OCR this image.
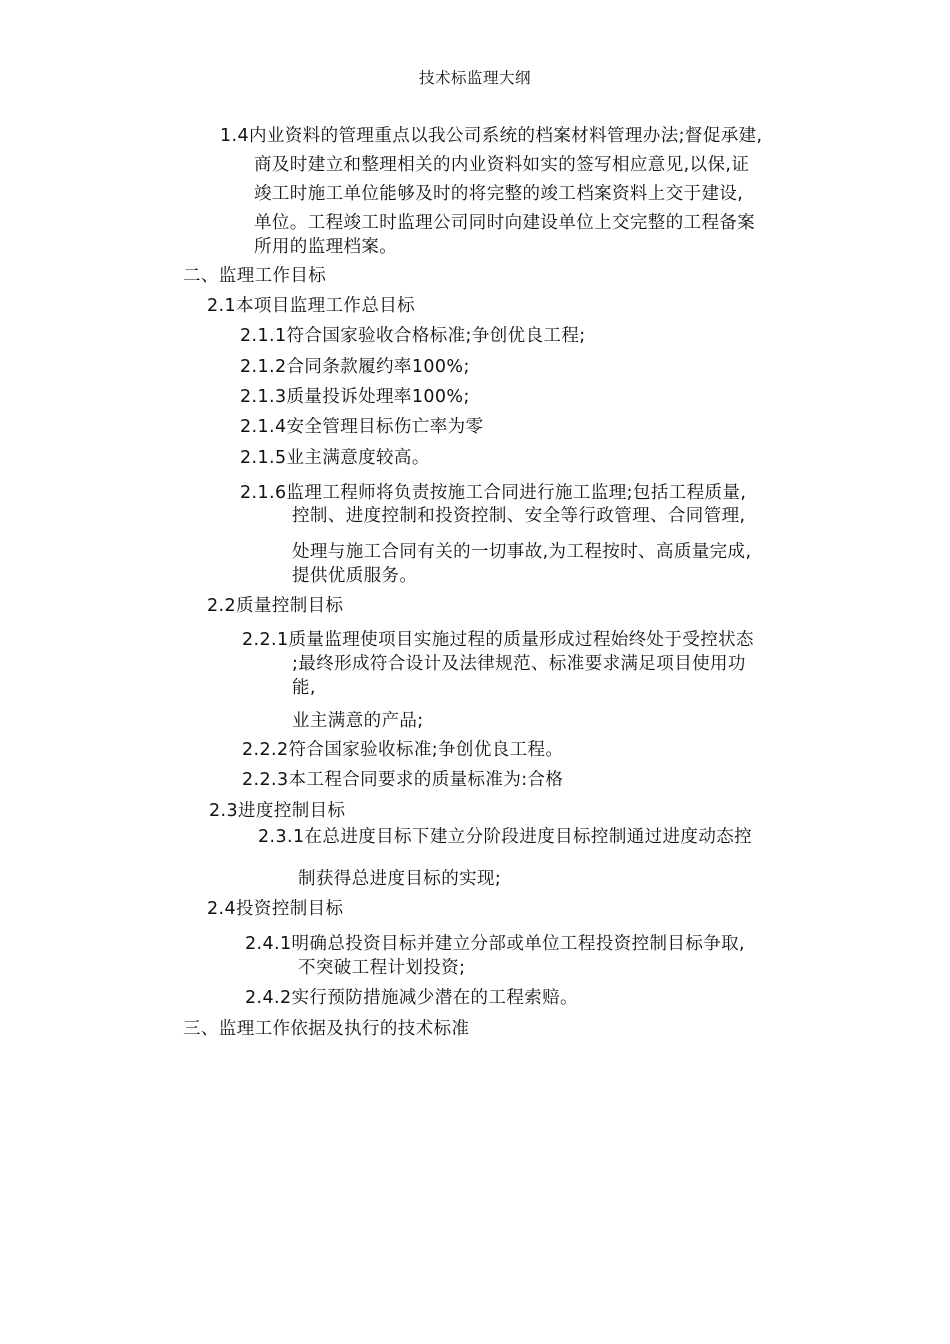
技术标监理大纲
1.4内业资料的管理重点以我公司系统的档案材料管理办法;督促承建,
商及时建立和整理相关的内业资料如实的签写相应意见,以保,证
竣工时施工单位能够及时的将完整的竣工档案资料上交于建设,
单位。工程竣工时监理公司同时向建设单位上交完整的工程备案
所用的监理档案。
二、监理工作目标
2.1本项目监理工作总目标
2.1.1符合国家验收合格标准;争创优良工程;
2.1.2合同条款履约率100%;
2.1.3质量投诉处理率100%;
2.1.4安全管理目标伤亡率为零
2.1.5业主满意度较高。
2.1.6监理工程师将负责按施工合同进行施工监理;包括工程质量,
控制、进度控制和投资控制、安全等行政管理、合同管理,
处理与施工合同有关的一切事故,为工程按时、高质量完成,
提供优质服务。
2.2质量控制目标
2.2.1质量监理使项目实施过程的质量形成过程始终处于受控状态
;最终形成符合设计及法律规范、标准要求满足项目使用功
能,
业主满意的产品;
2.2.2符合国家验收标准;争创优良工程。
2.2.3本工程合同要求的质量标准为:合格
2.3进度控制目标
2.3.1在总进度目标下建立分阶段进度目标控制通过进度动态控
制获得总进度目标的实现;
2.4投资控制目标
2.4.1明确总投资目标并建立分部或单位工程投资控制目标争取,
不突破工程计划投资;
2.4.2实行预防措施减少潜在的工程索赔。
三、监理工作依据及执行的技术标准
